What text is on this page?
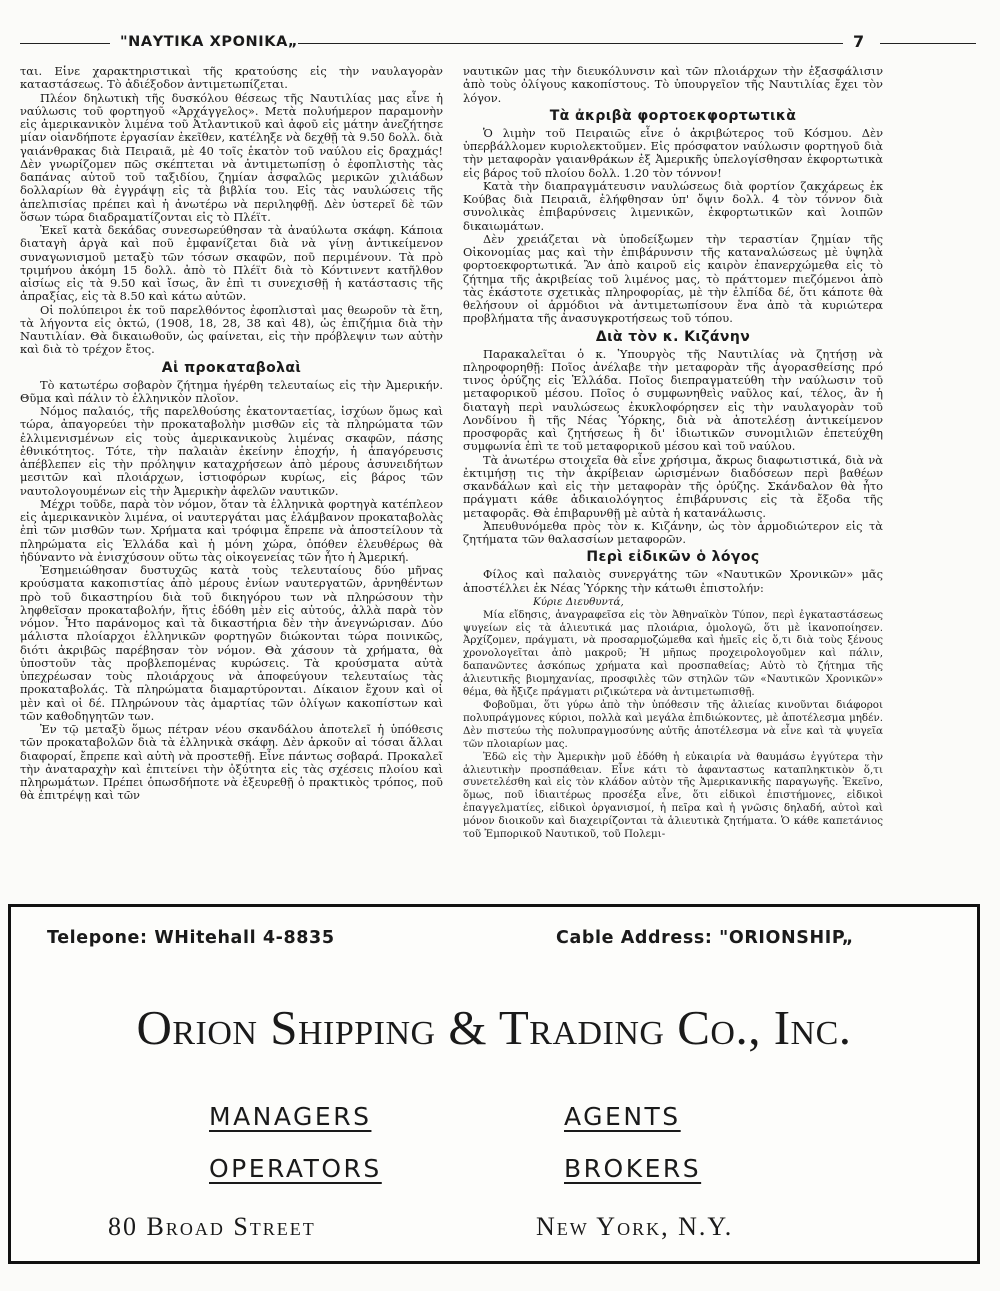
"ΝΑΥΤΙΚΑ ΧΡΟΝΙΚΑ„	7

ται. Εἶνε χαρακτηριστικαὶ τῆς κρατούσης εἰς τὴν ναυλαγορὰν καταστάσεως. Τὸ ἀδιέξοδον ἀντιμετωπίζεται.

Πλέον δηλωτικὴ τῆς δυσκόλου θέσεως τῆς Ναυτιλίας μας εἶνε ἡ ναύλωσις τοῦ φορτηγοῦ «Ἀρχάγγελος». Μετὰ πολυήμερον παραμονὴν εἰς ἀμερικανικὸν λιμένα τοῦ Ἀτλαντικοῦ καὶ ἀφοῦ εἰς μάτην ἀνεζήτησε μίαν οἱανδήποτε ἐργασίαν ἐκεῖθεν, κατέληξε νὰ δεχθῇ τὰ 9.50 δολλ. διὰ γαιάνθρακας διὰ Πειραιᾶ, μὲ 40 τοῖς ἑκατὸν τοῦ ναύλου εἰς δραχμάς! Δὲν γνωρίζομεν πῶς σκέπτεται νὰ ἀντιμετωπίσῃ ὁ ἐφοπλιστὴς τὰς δαπάνας αὐτοῦ τοῦ ταξιδίου, ζημίαν ἀσφαλῶς μερικῶν χιλιάδων δολλαρίων θὰ ἐγγράψῃ εἰς τὰ βιβλία του. Εἰς τὰς ναυλώσεις τῆς ἀπελπισίας πρέπει καὶ ἡ ἀνωτέρω νὰ περιληφθῇ. Δὲν ὑστερεῖ δὲ τῶν ὅσων τώρα διαδραματίζονται εἰς τὸ Πλέϊτ.

Ἐκεῖ κατὰ δεκάδας συνεσωρεύθησαν τὰ ἀναύλωτα σκάφη. Κάποια διαταγὴ ἀργὰ καὶ ποῦ ἐμφανίζεται διὰ νὰ γίνῃ ἀντικείμενον συναγωνισμοῦ μεταξὺ τῶν τόσων σκαφῶν, ποῦ περιμένουν. Τὰ πρὸ τριμήνου ἀκόμη 15 δολλ. ἀπὸ τὸ Πλέϊτ διὰ τὸ Κόντινεντ κατῆλθον αἰσίως εἰς τὰ 9.50 καὶ ἴσως, ἂν ἐπὶ τι συνεχισθῇ ἡ κατάστασις τῆς ἀπραξίας, εἰς τὰ 8.50 καὶ κάτω αὐτῶν.

Οἱ πολύπειροι ἐκ τοῦ παρελθόντος ἐφοπλισταὶ μας θεωροῦν τὰ ἔτη, τὰ λήγοντα εἰς ὀκτώ, (1908, 18, 28, 38 καὶ 48), ὡς ἐπιζήμια διὰ τὴν Ναυτιλίαν. Θὰ δικαιωθοῦν, ὡς φαίνεται, εἰς τὴν πρόβλεψιν των αὐτὴν καὶ διὰ τὸ τρέχον ἔτος.

Αἱ προκαταβολαὶ

Τὸ κατωτέρω σοβαρὸν ζήτημα ἠγέρθη τελευταίως εἰς τὴν Ἀμερικήν. Θῦμα καὶ πάλιν τὸ ἑλληνικὸν πλοῖον.

Νόμος παλαιός, τῆς παρελθούσης ἑκατονταετίας, ἰσχύων ὅμως καὶ τώρα, ἀπαγορεύει τὴν προκαταβολὴν μισθῶν εἰς τὰ πληρώματα τῶν ἐλλιμενισμένων εἰς τοὺς ἀμερικανικοὺς λιμένας σκαφῶν, πάσης ἐθνικότητος. Τότε, τὴν παλαιὰν ἐκείνην ἐποχήν, ἡ ἀπαγόρευσις ἀπέβλεπεν εἰς τὴν πρόληψιν καταχρήσεων ἀπὸ μέρους ἀσυνειδήτων μεσιτῶν καὶ πλοιάρχων, ἰστιοφόρων κυρίως, εἰς βάρος τῶν ναυτολογουμένων εἰς τὴν Ἀμερικὴν ἀφελῶν ναυτικῶν.

Μέχρι τοῦδε, παρὰ τὸν νόμον, ὅταν τὰ ἑλληνικὰ φορτηγὰ κατέπλεον εἰς ἀμερικανικὸν λιμένα, οἱ ναυτεργάται μας ἐλάμβανον προκαταβολὰς ἐπὶ τῶν μισθῶν των. Χρήματα καὶ τρόφιμα ἔπρεπε νὰ ἀποστείλουν τὰ πληρώματα εἰς Ἑλλάδα καὶ ἡ μόνη χώρα, ὁπόθεν ἐλευθέρως θὰ ἠδύναντο νὰ ἐνισχύσουν οὕτω τὰς οἰκογενείας τῶν ἦτο ἡ Ἀμερική.

Ἐσημειώθησαν δυστυχῶς κατὰ τοὺς τελευταίους δύο μῆνας κρούσματα κακοπιστίας ἀπὸ μέρους ἐνίων ναυτεργατῶν, ἀρνηθέντων πρὸ τοῦ δικαστηρίου διὰ τοῦ δικηγόρου των νὰ πληρώσουν τὴν ληφθεῖσαν προκαταβολήν, ἥτις ἐδόθη μὲν εἰς αὐτούς, ἀλλὰ παρὰ τὸν νόμον. Ἦτο παράνομος καὶ τὰ δικαστήρια δὲν τὴν ἀνεγνώρισαν. Δύο μάλιστα πλοίαρχοι ἑλληνικῶν φορτηγῶν διώκονται τώρα ποινικῶς, διότι ἀκριβῶς παρέβησαν τὸν νόμον. Θὰ χάσουν τὰ χρήματα, θὰ ὑποστοῦν τὰς προβλεπομένας κυρώσεις. Τὰ κρούσματα αὐτὰ ὑπεχρέωσαν τοὺς πλοιάρχους νὰ ἀποφεύγουν τελευταίως τὰς προκαταβολάς. Τὰ πληρώματα διαμαρτύρονται. Δίκαιον ἔχουν καὶ οἱ μὲν καὶ οἱ δέ. Πληρώνουν τὰς ἁμαρτίας τῶν ὀλίγων κακοπίστων καὶ τῶν καθοδηγητῶν των.

Ἐν τῷ μεταξὺ ὅμως πέτραν νέου σκανδάλου ἀποτελεῖ ἡ ὑπόθεσις τῶν προκαταβολῶν διὰ τὰ ἑλληνικὰ σκάφη. Δὲν ἀρκοῦν αἱ τόσαι ἄλλαι διαφοραί, ἔπρεπε καὶ αὐτὴ νὰ προστεθῇ. Εἶνε πάντως σοβαρά. Προκαλεῖ τὴν ἀναταραχὴν καὶ ἐπιτείνει τὴν ὀξύτητα εἰς τὰς σχέσεις πλοίου καὶ πληρωμάτων. Πρέπει ὁπωσδήποτε νὰ ἐξευρεθῇ ὁ πρακτικὸς τρόπος, ποῦ θὰ ἐπιτρέψῃ καὶ τῶν

ναυτικῶν μας τὴν διευκόλυνσιν καὶ τῶν πλοιάρχων τὴν ἐξασφάλισιν ἀπὸ τοὺς ὀλίγους κακοπίστους. Τὸ ὑπουργεῖον τῆς Ναυτιλίας ἔχει τὸν λόγον.

Τὰ ἀκριβὰ φορτοεκφορτωτικὰ

Ὁ λιμὴν τοῦ Πειραιῶς εἶνε ὁ ἀκριβώτερος τοῦ Κόσμου. Δὲν ὑπερβάλλομεν κυριολεκτοῦμεν. Εἰς πρόσφατον ναύλωσιν φορτηγοῦ διὰ τὴν μεταφορὰν γαιανθράκων ἐξ Ἀμερικῆς ὑπελογίσθησαν ἐκφορτωτικὰ εἰς βάρος τοῦ πλοίου δολλ. 1.20 τὸν τόννον!

Κατὰ τὴν διαπραγμάτευσιν ναυλώσεως διὰ φορτίον ζακχάρεως ἐκ Κούβας διὰ Πειραιᾶ, ἐλήφθησαν ὑπ' ὄψιν δολλ. 4 τὸν τόννον διὰ συνολικὰς ἐπιβαρύνσεις λιμενικῶν, ἐκφορτωτικῶν καὶ λοιπῶν δικαιωμάτων.

Δὲν χρειάζεται νὰ ὑποδείξωμεν τὴν τεραστίαν ζημίαν τῆς Οἰκονομίας μας καὶ τὴν ἐπιβάρυνσιν τῆς καταναλώσεως μὲ ὑψηλὰ φορτοεκφορτωτικά. Ἂν ἀπὸ καιροῦ εἰς καιρὸν ἐπανερχώμεθα εἰς τὸ ζήτημα τῆς ἀκριβείας τοῦ λιμένος μας, τὸ πράττομεν πιεζόμενοι ἀπὸ τὰς ἑκάστοτε σχετικὰς πληροφορίας, μὲ τὴν ἐλπίδα δέ, ὅτι κάποτε θὰ θελήσουν οἱ ἁρμόδιοι νὰ ἀντιμετωπίσουν ἕνα ἀπὸ τὰ κυριώτερα προβλήματα τῆς ἀνασυγκροτήσεως τοῦ τόπου.

Διὰ τὸν κ. Κιζάνην

Παρακαλεῖται ὁ κ. Ὑπουργὸς τῆς Ναυτιλίας νὰ ζητήσῃ νὰ πληροφορηθῇ: Ποῖος ἀνέλαβε τὴν μεταφορὰν τῆς ἀγορασθείσης πρό τινος ὀρύζης εἰς Ἑλλάδα. Ποῖος διεπραγματεύθη τὴν ναύλωσιν τοῦ μεταφορικοῦ μέσου. Ποῖος ὁ συμφωνηθεὶς ναῦλος καί, τέλος, ἂν ἡ διαταγὴ περὶ ναυλώσεως ἐκυκλοφόρησεν εἰς τὴν ναυλαγορὰν τοῦ Λονδίνου ἢ τῆς Νέας Ὑόρκης, διὰ νὰ ἀποτελέσῃ ἀντικείμενον προσφορᾶς καὶ ζητήσεως ἢ δι' ἰδιωτικῶν συνομιλιῶν ἐπετεύχθη συμφωνία ἐπὶ τε τοῦ μεταφορικοῦ μέσου καὶ τοῦ ναύλου.

Τὰ ἀνωτέρω στοιχεῖα θὰ εἶνε χρήσιμα, ἄκρως διαφωτιστικά, διὰ νὰ ἐκτιμήσῃ τις τὴν ἀκρίβειαν ὡρισμένων διαδόσεων περὶ βαθέων σκανδάλων καὶ εἰς τὴν μεταφορὰν τῆς ὀρύζης. Σκάνδαλον θὰ ἦτο πράγματι κάθε ἀδικαιολόγητος ἐπιβάρυνσις εἰς τὰ ἔξοδα τῆς μεταφορᾶς. Θὰ ἐπιβαρυνθῇ μὲ αὐτὰ ἡ κατανάλωσις.

Ἀπευθυνόμεθα πρὸς τὸν κ. Κιζάνην, ὡς τὸν ἁρμοδιώτερον εἰς τὰ ζητήματα τῶν θαλασσίων μεταφορῶν.

Περὶ εἰδικῶν ὁ λόγος

Φίλος καὶ παλαιὸς συνεργάτης τῶν «Ναυτικῶν Χρονικῶν» μᾶς ἀποστέλλει ἐκ Νέας Ὑόρκης τὴν κάτωθι ἐπιστολήν:

Κύριε Διευθυντά,

Μία εἴδησις, ἀναγραφεῖσα εἰς τὸν Ἀθηναϊκὸν Τύπον, περὶ ἐγκαταστάσεως ψυγείων εἰς τὰ ἁλιευτικά μας πλοιάρια, ὁμολογῶ, ὅτι μὲ ἱκανοποίησεν. Ἀρχίζομεν, πράγματι, νὰ προσαρμοζώμεθα καὶ ἡμεῖς εἰς ὅ,τι διὰ τοὺς ξένους χρονολογεῖται ἀπὸ μακροῦ; Ἡ μῆπως προχειρολογοῦμεν καὶ πάλιν, δαπανῶντες ἀσκόπως χρήματα καὶ προσπαθείας; Αὐτὸ τὸ ζήτημα τῆς ἁλιευτικῆς βιομηχανίας, προσφιλὲς τῶν στηλῶν τῶν «Ναυτικῶν Χρονικῶν» θέμα, θὰ ἤξιζε πράγματι ριζικώτερα νὰ ἀντιμετωπισθῇ.

Φοβοῦμαι, ὅτι γύρω ἀπὸ τὴν ὑπόθεσιν τῆς ἁλιείας κινοῦνται διάφοροι πολυπράγμονες κύριοι, πολλὰ καὶ μεγάλα ἐπιδιώκοντες, μὲ ἀποτέλεσμα μηδέν. Δὲν πιστεύω τὴς πολυπραγμοσύνης αὐτῆς ἀποτέλεσμα νὰ εἶνε καὶ τὰ ψυγεῖα τῶν πλοιαρίων μας.

Ἐδῶ εἰς τὴν Ἀμερικὴν μοῦ ἐδόθη ἡ εὐκαιρία νὰ θαυμάσω ἐγγύτερα τὴν ἁλιευτικὴν προσπάθειαν. Εἶνε κάτι τὸ ἀφανταστως καταπληκτικὸν ὅ,τι συνετελέσθη καὶ εἰς τὸν κλάδον αὐτὸν τῆς Ἀμερικανικῆς παραγωγῆς. Ἐκεῖνο, ὅμως, ποῦ ἰδιαιτέρως προσέξα εἶνε, ὅτι εἰδικοὶ ἐπιστήμονες, εἰδικοὶ ἐπαγγελματίες, εἰδικοὶ ὀργανισμοί, ἡ πεῖρα καὶ ἡ γνῶσις δηλαδή, αὐτοὶ καὶ μόνον διοικοῦν καὶ διαχειρίζονται τὰ ἁλιευτικὰ ζητήματα. Ὁ κάθε καπετάνιος τοῦ Ἐμπορικοῦ Ναυτικοῦ, τοῦ Πολεμι-

Telepone: WHitehall 4-8835	Cable Address: "ORIONSHIP„
Orion Shipping & Trading Co., Inc.
MANAGERS	AGENTS
OPERATORS	BROKERS
80 Broad Street	New York, N.Y.
